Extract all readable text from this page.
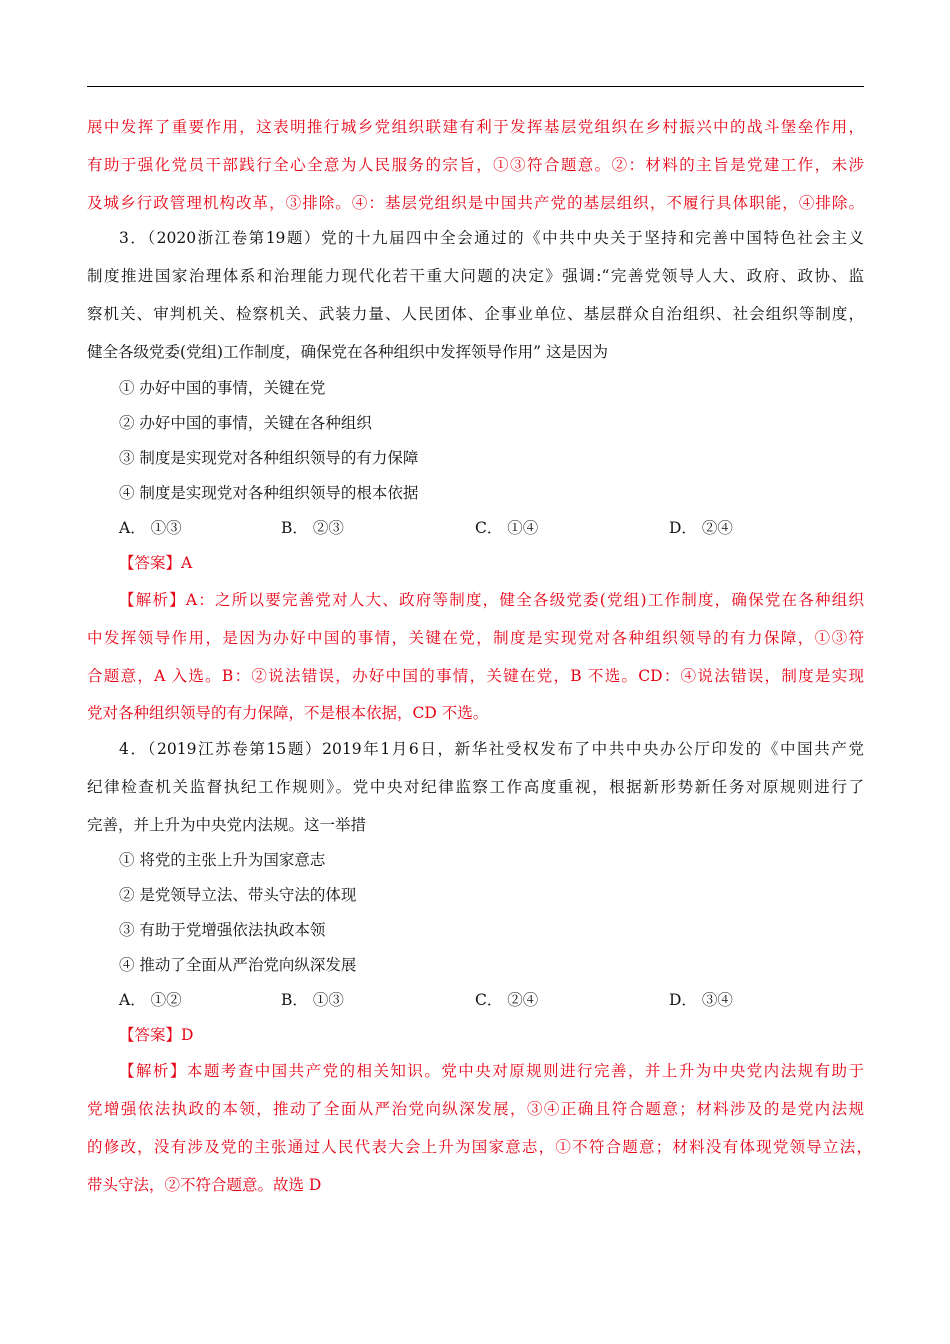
展中发挥了重要作用，这表明推行城乡党组织联建有利于发挥基层党组织在乡村振兴中的战斗堡垒作用，
有助于强化党员干部践行全心全意为人民服务的宗旨，①③符合题意。②：材料的主旨是党建工作，未涉
及城乡行政管理机构改革，③排除。④：基层党组织是中国共产党的基层组织，不履行具体职能，④排除。
3．（2020浙江卷第19题）党的十九届四中全会通过的《中共中央关于坚持和完善中国特色社会主义
制度推进国家治理体系和治理能力现代化若干重大问题的决定》强调:“完善党领导人大、政府、政协、监
察机关、审判机关、检察机关、武装力量、人民团体、企事业单位、基层群众自治组织、社会组织等制度，
健全各级党委(党组)工作制度，确保党在各种组织中发挥领导作用” 这是因为
① 办好中国的事情，关键在党
② 办好中国的事情，关键在各种组织
③ 制度是实现党对各种组织领导的有力保障
④ 制度是实现党对各种组织领导的根本依据
A． ①③	B． ②③	C． ①④	D． ②④
【答案】A
【解析】A：之所以要完善党对人大、政府等制度，健全各级党委(党组)工作制度，确保党在各种组织
中发挥领导作用，是因为办好中国的事情，关键在党，制度是实现党对各种组织领导的有力保障，①③符
合题意，A 入选。B：②说法错误，办好中国的事情，关键在党，B 不选。CD：④说法错误，制度是实现
党对各种组织领导的有力保障，不是根本依据，CD 不选。
4．（2019江苏卷第15题）2019年1月6日，新华社受权发布了中共中央办公厅印发的《中国共产党
纪律检查机关监督执纪工作规则》。党中央对纪律监察工作高度重视，根据新形势新任务对原规则进行了
完善，并上升为中央党内法规。这一举措
① 将党的主张上升为国家意志
② 是党领导立法、带头守法的体现
③ 有助于党增强依法执政本领
④ 推动了全面从严治党向纵深发展
A． ①②	B． ①③	C． ②④	D． ③④
【答案】D
【解析】本题考查中国共产党的相关知识。党中央对原规则进行完善，并上升为中央党内法规有助于
党增强依法执政的本领，推动了全面从严治党向纵深发展，③④正确且符合题意；材料涉及的是党内法规
的修改，没有涉及党的主张通过人民代表大会上升为国家意志，①不符合题意；材料没有体现党领导立法，
带头守法，②不符合题意。故选 D
